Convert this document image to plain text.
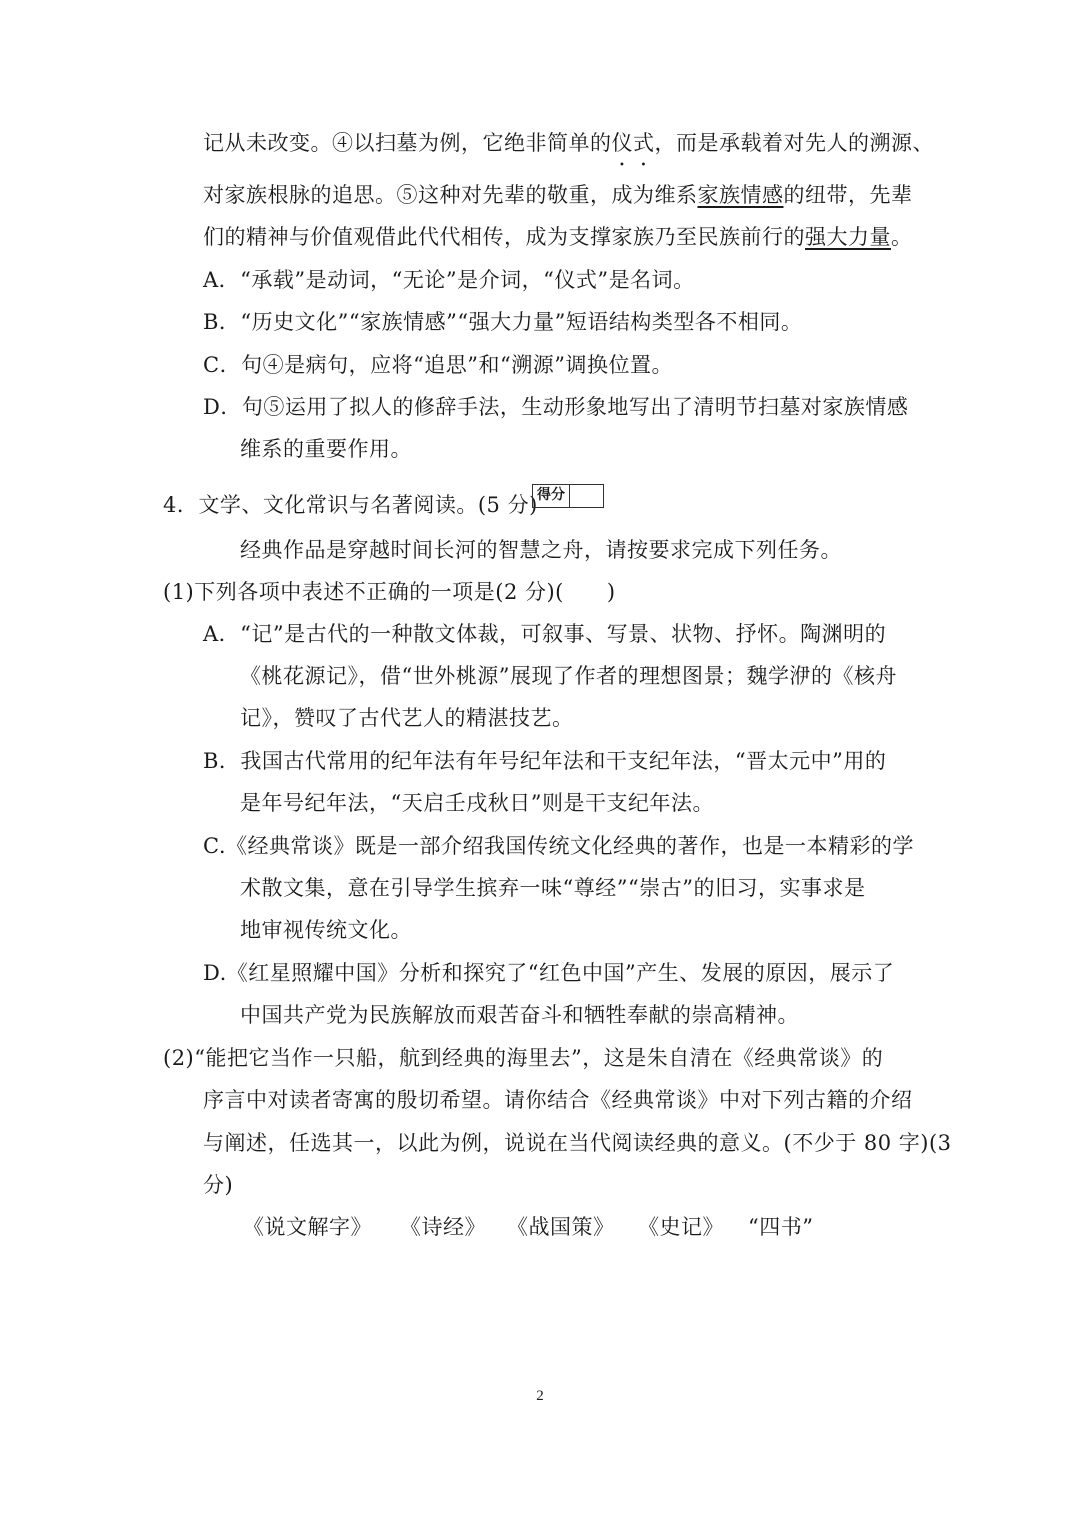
记从未改变。④以扫墓为例，它绝非简单的仪式，而是承载着对先人的溯源、
对家族根脉的追思。⑤这种对先辈的敬重，成为维系家族情感的纽带，先辈
们的精神与价值观借此代代相传，成为支撑家族乃至民族前行的强大力量。
A．“承载”是动词，“无论”是介词，“仪式”是名词。
B．“历史文化”“家族情感”“强大力量”短语结构类型各不相同。
C．句④是病句，应将“追思”和“溯源”调换位置。
D．句⑤运用了拟人的修辞手法，生动形象地写出了清明节扫墓对家族情感
维系的重要作用。
4．文学、文化常识与名著阅读。(5 分) 得分
经典作品是穿越时间长河的智慧之舟，请按要求完成下列任务。
(1)下列各项中表述不正确的一项是(2 分)(　　)
A．“记”是古代的一种散文体裁，可叙事、写景、状物、抒怀。陶渊明的
《桃花源记》，借“世外桃源”展现了作者的理想图景；魏学洢的《核舟
记》，赞叹了古代艺人的精湛技艺。
B．我国古代常用的纪年法有年号纪年法和干支纪年法，“晋太元中”用的
是年号纪年法，“天启壬戌秋日”则是干支纪年法。
C.《经典常谈》既是一部介绍我国传统文化经典的著作，也是一本精彩的学
术散文集，意在引导学生摈弃一味“尊经”“崇古”的旧习，实事求是
地审视传统文化。
D.《红星照耀中国》分析和探究了“红色中国”产生、发展的原因，展示了
中国共产党为民族解放而艰苦奋斗和牺牲奉献的崇高精神。
(2)“能把它当作一只船，航到经典的海里去”，这是朱自清在《经典常谈》的
序言中对读者寄寓的殷切希望。请你结合《经典常谈》中对下列古籍的介绍
与阐述，任选其一，以此为例，说说在当代阅读经典的意义。(不少于 80 字)(3
分)
《说文解字》 《诗经》 《战国策》 《史记》 “四书”
2
